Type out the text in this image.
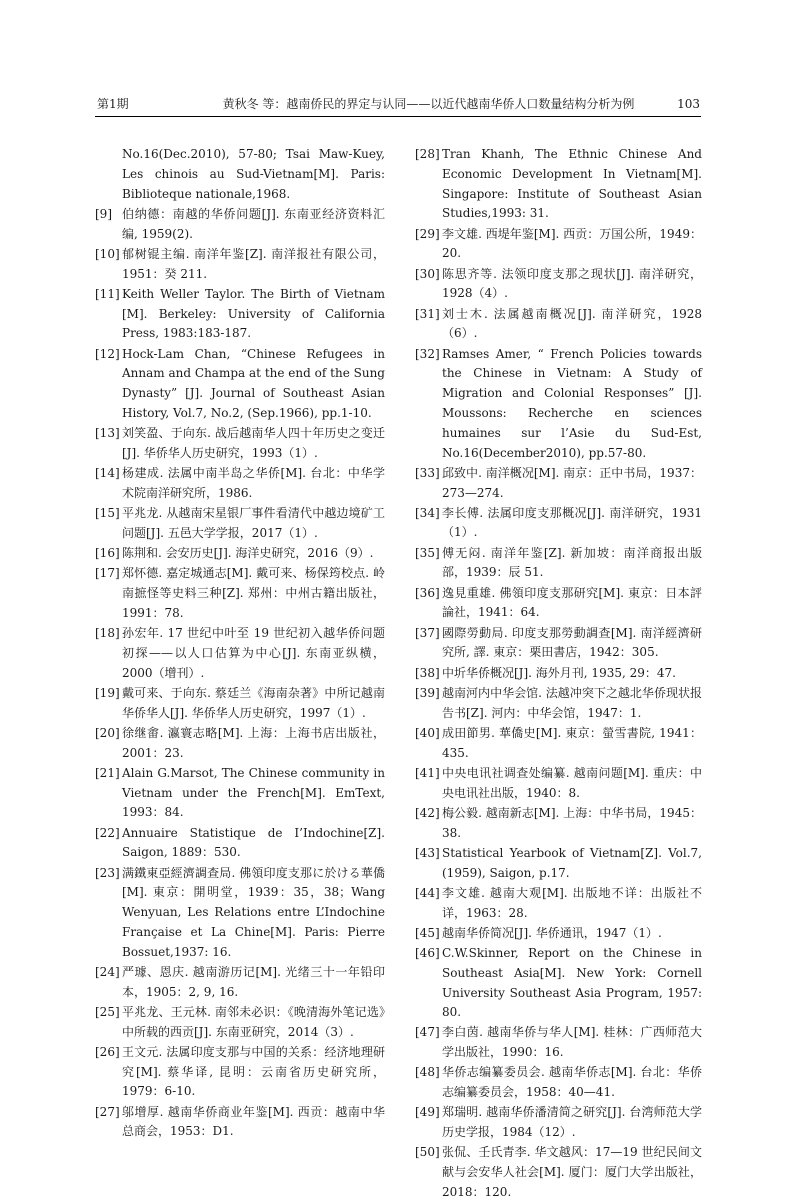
第1期	黄秋冬 等：越南侨民的界定与认同——以近代越南华侨人口数量结构分析为例	103
No.16(Dec.2010), 57-80; Tsai Maw-Kuey, Les chinois au Sud-Vietnam[M]. Paris: Biblioteque nationale,1968.
[9] 伯纳德：南越的华侨问题[J]. 东南亚经济资料汇编, 1959(2).
[10] 郁树锟主编. 南洋年鉴[Z]. 南洋报社有限公司，1951：癸 211.
[11] Keith Weller Taylor. The Birth of Vietnam [M]. Berkeley: University of California Press, 1983:183-187.
[12] Hock-Lam Chan, “Chinese Refugees in Annam and Champa at the end of the Sung Dynasty” [J]. Journal of Southeast Asian History, Vol.7, No.2, (Sep.1966), pp.1-10.
[13] 刘笑盈、于向东. 战后越南华人四十年历史之变迁[J]. 华侨华人历史研究，1993（1）.
[14] 杨建成. 法属中南半岛之华侨[M]. 台北：中华学术院南洋研究所，1986.
[15] 平兆龙. 从越南宋星银厂事件看清代中越边境矿工问题[J]. 五邑大学学报，2017（1）.
[16] 陈荆和. 会安历史[J]. 海洋史研究，2016（9）.
[17] 郑怀德. 嘉定城通志[M]. 戴可来、杨保筠校点. 岭南摭怪等史料三种[Z]. 郑州：中州古籍出版社，1991：78.
[18] 孙宏年. 17 世纪中叶至 19 世纪初入越华侨问题初探——以人口估算为中心[J]. 东南亚纵横，2000（增刊）.
[19] 戴可来、于向东. 蔡廷兰《海南杂著》中所记越南华侨华人[J]. 华侨华人历史研究，1997（1）.
[20] 徐继畬. 瀛寰志略[M]. 上海：上海书店出版社，2001：23.
[21] Alain G.Marsot, The Chinese community in Vietnam under the French[M]. EmText, 1993：84.
[22] Annuaire Statistique de I’Indochine[Z]. Saigon, 1889：530.
[23] 满鐵東亞經濟調查局. 佛領印度支那に於ける華僑[M]. 東京：開明堂，1939：35，38；Wang Wenyuan, Les Relations entre L’Indochine Française et La Chine[M]. Paris: Pierre Bossuet,1937: 16.
[24] 严璩、恩庆. 越南游历记[M]. 光绪三十一年铅印本，1905：2, 9, 16.
[25] 平兆龙、王元林. 南邻未必识：《晚清海外笔记选》中所载的西贡[J]. 东南亚研究，2014（3）.
[26] 王文元. 法属印度支那与中国的关系：经济地理研究[M]. 蔡华译, 昆明：云南省历史研究所，1979：6-10.
[27] 邬增厚. 越南华侨商业年鉴[M]. 西贡：越南中华总商会，1953：D1.
[28] Tran Khanh, The Ethnic Chinese And Economic Development In Vietnam[M]. Singapore: Institute of Southeast Asian Studies,1993: 31.
[29] 李文雄. 西堤年鉴[M]. 西贡：万国公所，1949：20.
[30] 陈思齐等. 法领印度支那之现状[J]. 南洋研究，1928（4）.
[31] 刘士木. 法属越南概况[J]. 南洋研究，1928（6）.
[32] Ramses Amer, “ French Policies towards the Chinese in Vietnam: A Study of Migration and Colonial Responses” [J]. Moussons: Recherche en sciences humaines sur l’Asie du Sud-Est, No.16(December2010), pp.57-80.
[33] 邱致中. 南洋概况[M]. 南京：正中书局，1937：273—274.
[34] 李长傅. 法属印度支那概况[J]. 南洋研究，1931（1）.
[35] 傅无闷. 南洋年鉴[Z]. 新加坡：南洋商报出版部，1939：辰 51.
[36] 逸見重雄. 佛領印度支那研究[M]. 東京：日本評論社，1941：64.
[37] 國際勞動局. 印度支那勞動調查[M]. 南洋經濟研究所, 譯. 東京：栗田書店，1942：305.
[38] 中圻华侨概况[J]. 海外月刊, 1935, 29：47.
[39] 越南河内中华会馆. 法越冲突下之越北华侨现状报告书[Z]. 河内：中华会馆，1947：1.
[40] 成田節男. 華僑史[M]. 東京：螢雪書院, 1941：435.
[41] 中央电讯社调查处编纂. 越南问题[M]. 重庆：中央电讯社出版，1940：8.
[42] 梅公毅. 越南新志[M]. 上海：中华书局，1945：38.
[43] Statistical Yearbook of Vietnam[Z]. Vol.7, (1959), Saigon, p.17.
[44] 李文雄. 越南大观[M]. 出版地不详：出版社不详，1963：28.
[45] 越南华侨简况[J]. 华侨通讯，1947（1）.
[46] C.W.Skinner, Report on the Chinese in Southeast Asia[M]. New York: Cornell University Southeast Asia Program, 1957: 80.
[47] 李白茵. 越南华侨与华人[M]. 桂林：广西师范大学出版社，1990：16.
[48] 华侨志编纂委员会. 越南华侨志[M]. 台北：华侨志编纂委员会，1958：40—41.
[49] 郑瑞明. 越南华侨潘清简之研究[J]. 台湾师范大学历史学报，1984（12）.
[50] 张侃、壬氏青李. 华文越风：17—19 世纪民间文献与会安华人社会[M]. 厦门：厦门大学出版社，2018：120.
